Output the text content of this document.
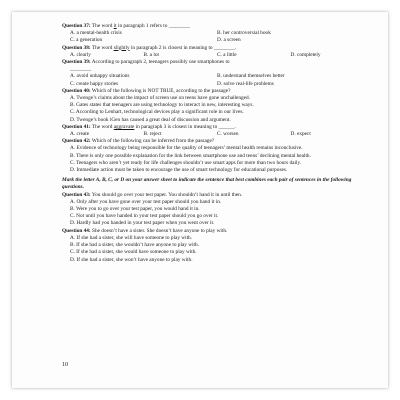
Question 37: The word it in paragraph 1 refers to ________
A. a mental-health crisis	B. her controversial book
C. a generation	D. a screen
Question 38: The word slightly in paragraph 2 is closest in meaning to ________.
A. clearly	B. a lot	C. a little	D. completely
Question 39: According to paragraph 2, teenagers possibly use smartphones to
________
A. avoid unhappy situations	B. understand themselves better
C. create happy stories	D. solve real-life problems
Question 40: Which of the following is NOT TRUE, according to the passage?
A. Twenge’s claims about the impact of screen use on teens have gone unchallenged.
B. Gates states that teenagers are using technology to interact in new, interesting ways.
C. According to Lenhart, technological devices play a significant role in our lives.
D. Twenge’s book iGen has caused a great deal of discussion and argument.
Question 41: The word aggravate in paragraph 3 is closest in meaning to ______.
A. create	B. reject	C. worsen	D. expect
Question 42: Which of the following can be inferred from the passage?
A. Evidence of technology being responsible for the quality of teenagers’ mental health remains inconclusive.
B. There is only one possible explanation for the link between smartphone use and teens’ declining mental health.
C. Teenagers who aren’t yet ready for life challenges shouldn’t use smart apps for more than two hours daily.
D. Immediate action must be taken to encourage the use of smart technology for educational purposes.
Mark the letter A, B, C, or D on your answer sheet to indicate the sentence that best combines each pair of sentences in the following questions.
Question 43: You should go over your test paper. You shouldn’t hand it in until then.
A. Only after you have gone over your test paper should you hand it in.
B. Were you to go over your test paper, you would hand it in.
C. Not until you have handed in your test paper should you go over it.
D. Hardly had you handed in your test paper when you went over it.
Question 44: She doesn’t have a sister. She doesn’t have anyone to play with.
A. If she had a sister, she will have someone to play with.
B. If she had a sister, she wouldn’t have anyone to play with.
C. If she had a sister, she would have someone to play with.
D. If she had a sister, she won’t have anyone to play with.
10
